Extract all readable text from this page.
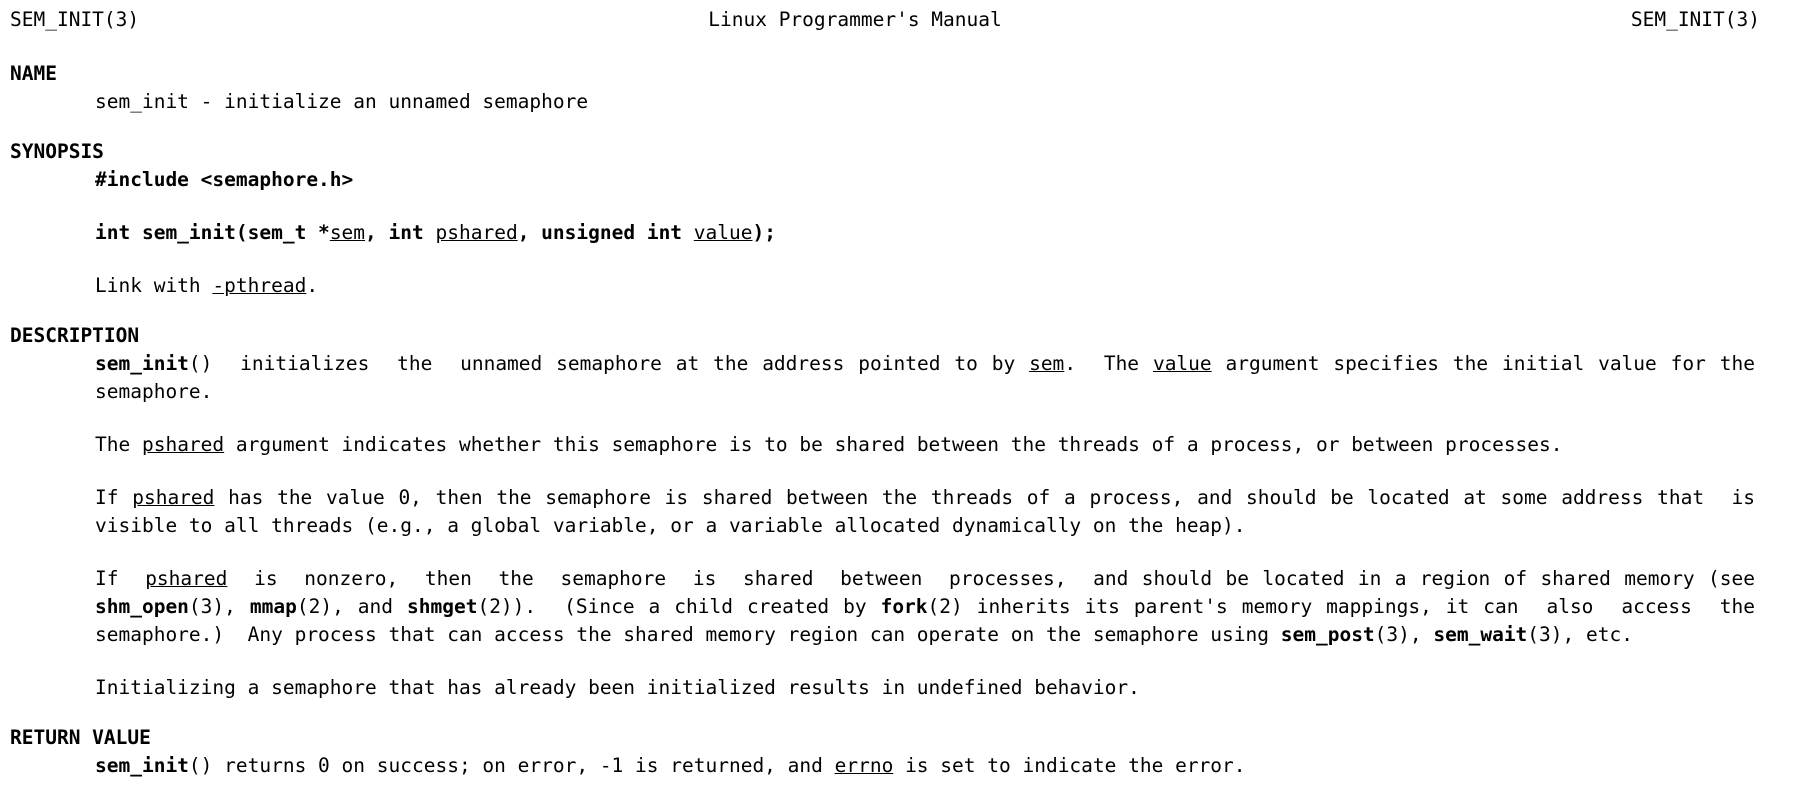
SEM_INIT(3)	Linux Programmer's Manual	SEM_INIT(3)
NAME
sem_init - initialize an unnamed semaphore
SYNOPSIS
#include <semaphore.h>
int sem_init(sem_t *sem, int pshared, unsigned int value);
Link with -pthread.
DESCRIPTION
sem_init()  initializes  the  unnamed semaphore at the address pointed to by sem.  The value argument specifies the initial value for the semaphore.
The pshared argument indicates whether this semaphore is to be shared between the threads of a process, or between processes.
If pshared has the value 0, then the semaphore is shared between the threads of a process, and should be located at some address that  is visible to all threads (e.g., a global variable, or a variable allocated dynamically on the heap).
If  pshared  is  nonzero,  then  the  semaphore  is  shared  between  processes,  and should be located in a region of shared memory (see shm_open(3), mmap(2), and shmget(2)).  (Since a child created by fork(2) inherits its parent's memory mappings, it can  also  access  the semaphore.)  Any process that can access the shared memory region can operate on the semaphore using sem_post(3), sem_wait(3), etc.
Initializing a semaphore that has already been initialized results in undefined behavior.
RETURN VALUE
sem_init() returns 0 on success; on error, -1 is returned, and errno is set to indicate the error.
